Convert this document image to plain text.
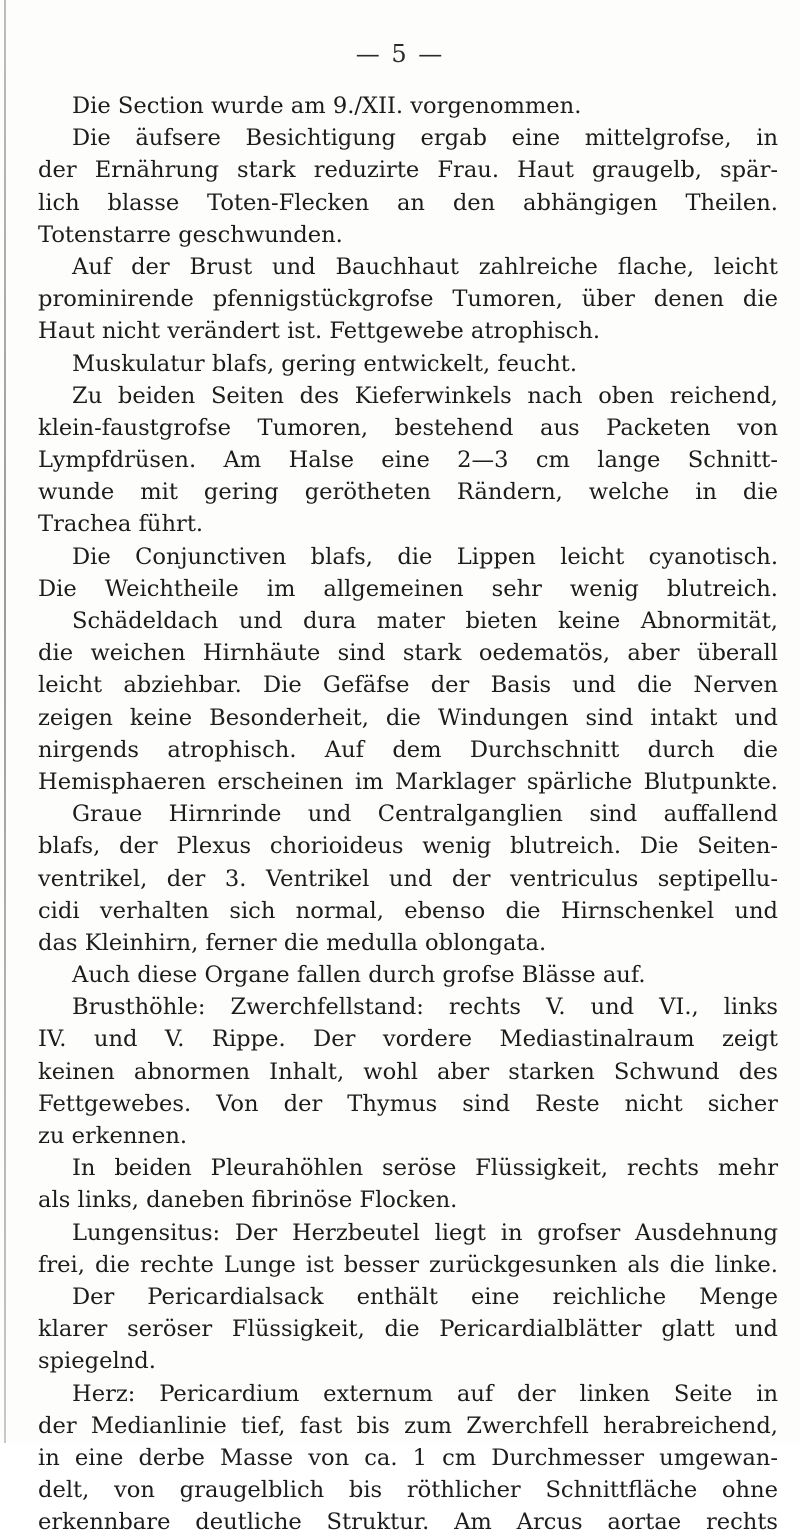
— 5 —
Die Section wurde am 9./XII. vorgenommen.
Die äufsere Besichtigung ergab eine mittelgrofse, in
der Ernährung stark reduzirte Frau. Haut graugelb, spär-
lich blasse Toten-Flecken an den abhängigen Theilen.
Totenstarre geschwunden.
Auf der Brust und Bauchhaut zahlreiche flache, leicht
prominirende pfennigstückgrofse Tumoren, über denen die
Haut nicht verändert ist. Fettgewebe atrophisch.
Muskulatur blafs, gering entwickelt, feucht.
Zu beiden Seiten des Kieferwinkels nach oben reichend,
klein-faustgrofse Tumoren, bestehend aus Packeten von
Lympfdrüsen. Am Halse eine 2—3 cm lange Schnitt-
wunde mit gering gerötheten Rändern, welche in die
Trachea führt.
Die Conjunctiven blafs, die Lippen leicht cyanotisch.
Die Weichtheile im allgemeinen sehr wenig blutreich.
Schädeldach und dura mater bieten keine Abnormität,
die weichen Hirnhäute sind stark oedematös, aber überall
leicht abziehbar. Die Gefäfse der Basis und die Nerven
zeigen keine Besonderheit, die Windungen sind intakt und
nirgends atrophisch. Auf dem Durchschnitt durch die
Hemisphaeren erscheinen im Marklager spärliche Blutpunkte.
Graue Hirnrinde und Centralganglien sind auffallend
blafs, der Plexus chorioideus wenig blutreich. Die Seiten-
ventrikel, der 3. Ventrikel und der ventriculus septipellu-
cidi verhalten sich normal, ebenso die Hirnschenkel und
das Kleinhirn, ferner die medulla oblongata.
Auch diese Organe fallen durch grofse Blässe auf.
Brusthöhle: Zwerchfellstand: rechts V. und VI., links
IV. und V. Rippe. Der vordere Mediastinalraum zeigt
keinen abnormen Inhalt, wohl aber starken Schwund des
Fettgewebes. Von der Thymus sind Reste nicht sicher
zu erkennen.
In beiden Pleurahöhlen seröse Flüssigkeit, rechts mehr
als links, daneben fibrinöse Flocken.
Lungensitus: Der Herzbeutel liegt in grofser Ausdehnung
frei, die rechte Lunge ist besser zurückgesunken als die linke.
Der Pericardialsack enthält eine reichliche Menge
klarer seröser Flüssigkeit, die Pericardialblätter glatt und
spiegelnd.
Herz: Pericardium externum auf der linken Seite in
der Medianlinie tief, fast bis zum Zwerchfell herabreichend,
in eine derbe Masse von ca. 1 cm Durchmesser umgewan-
delt, von graugelblich bis röthlicher Schnittfläche ohne
erkennbare deutliche Struktur. Am Arcus aortae rechts
